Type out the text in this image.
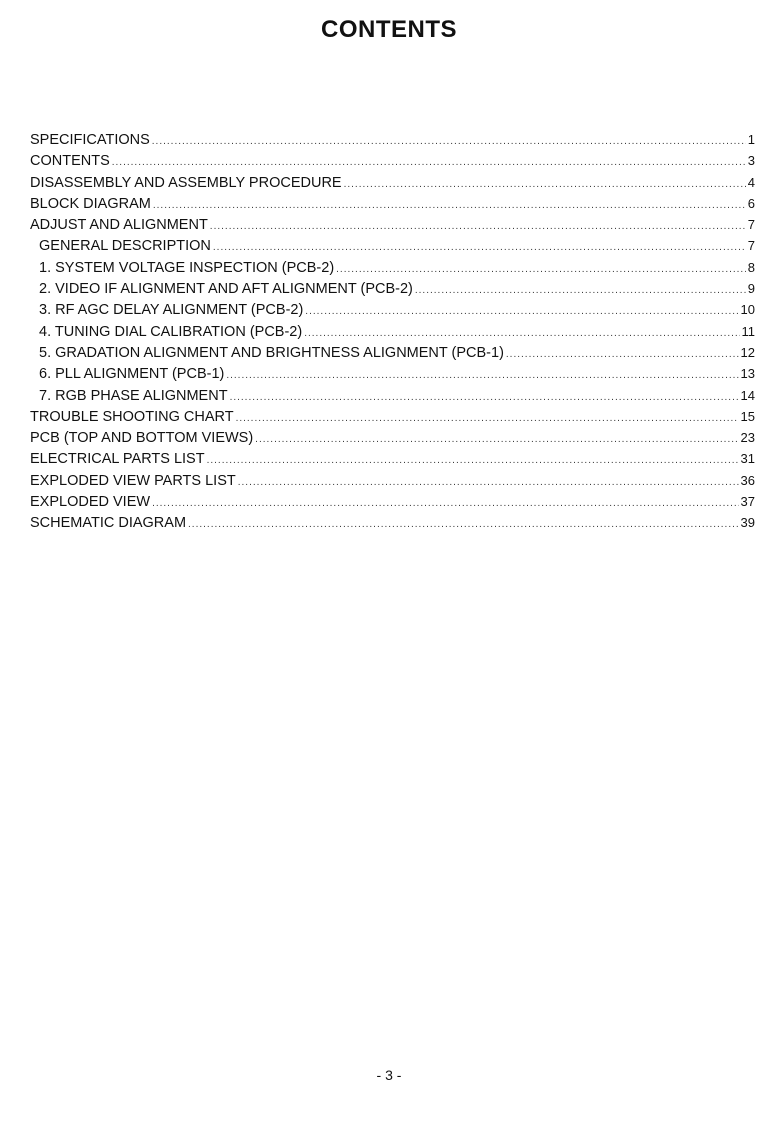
CONTENTS
SPECIFICATIONS .....	1
CONTENTS .....	3
DISASSEMBLY AND ASSEMBLY PROCEDURE .....	4
BLOCK DIAGRAM .....	6
ADJUST AND ALIGNMENT .....	7
GENERAL DESCRIPTION .....	7
1. SYSTEM VOLTAGE INSPECTION (PCB-2) .....	8
2. VIDEO IF ALIGNMENT AND AFT ALIGNMENT (PCB-2) .....	9
3. RF AGC DELAY ALIGNMENT (PCB-2) .....	10
4. TUNING DIAL CALIBRATION (PCB-2) .....	11
5. GRADATION ALIGNMENT AND BRIGHTNESS ALIGNMENT (PCB-1) .....	12
6. PLL ALIGNMENT (PCB-1) .....	13
7. RGB PHASE ALIGNMENT .....	14
TROUBLE SHOOTING CHART .....	15
PCB (TOP AND BOTTOM VIEWS) .....	23
ELECTRICAL PARTS LIST .....	31
EXPLODED VIEW PARTS LIST .....	36
EXPLODED VIEW .....	37
SCHEMATIC DIAGRAM .....	39
- 3 -
